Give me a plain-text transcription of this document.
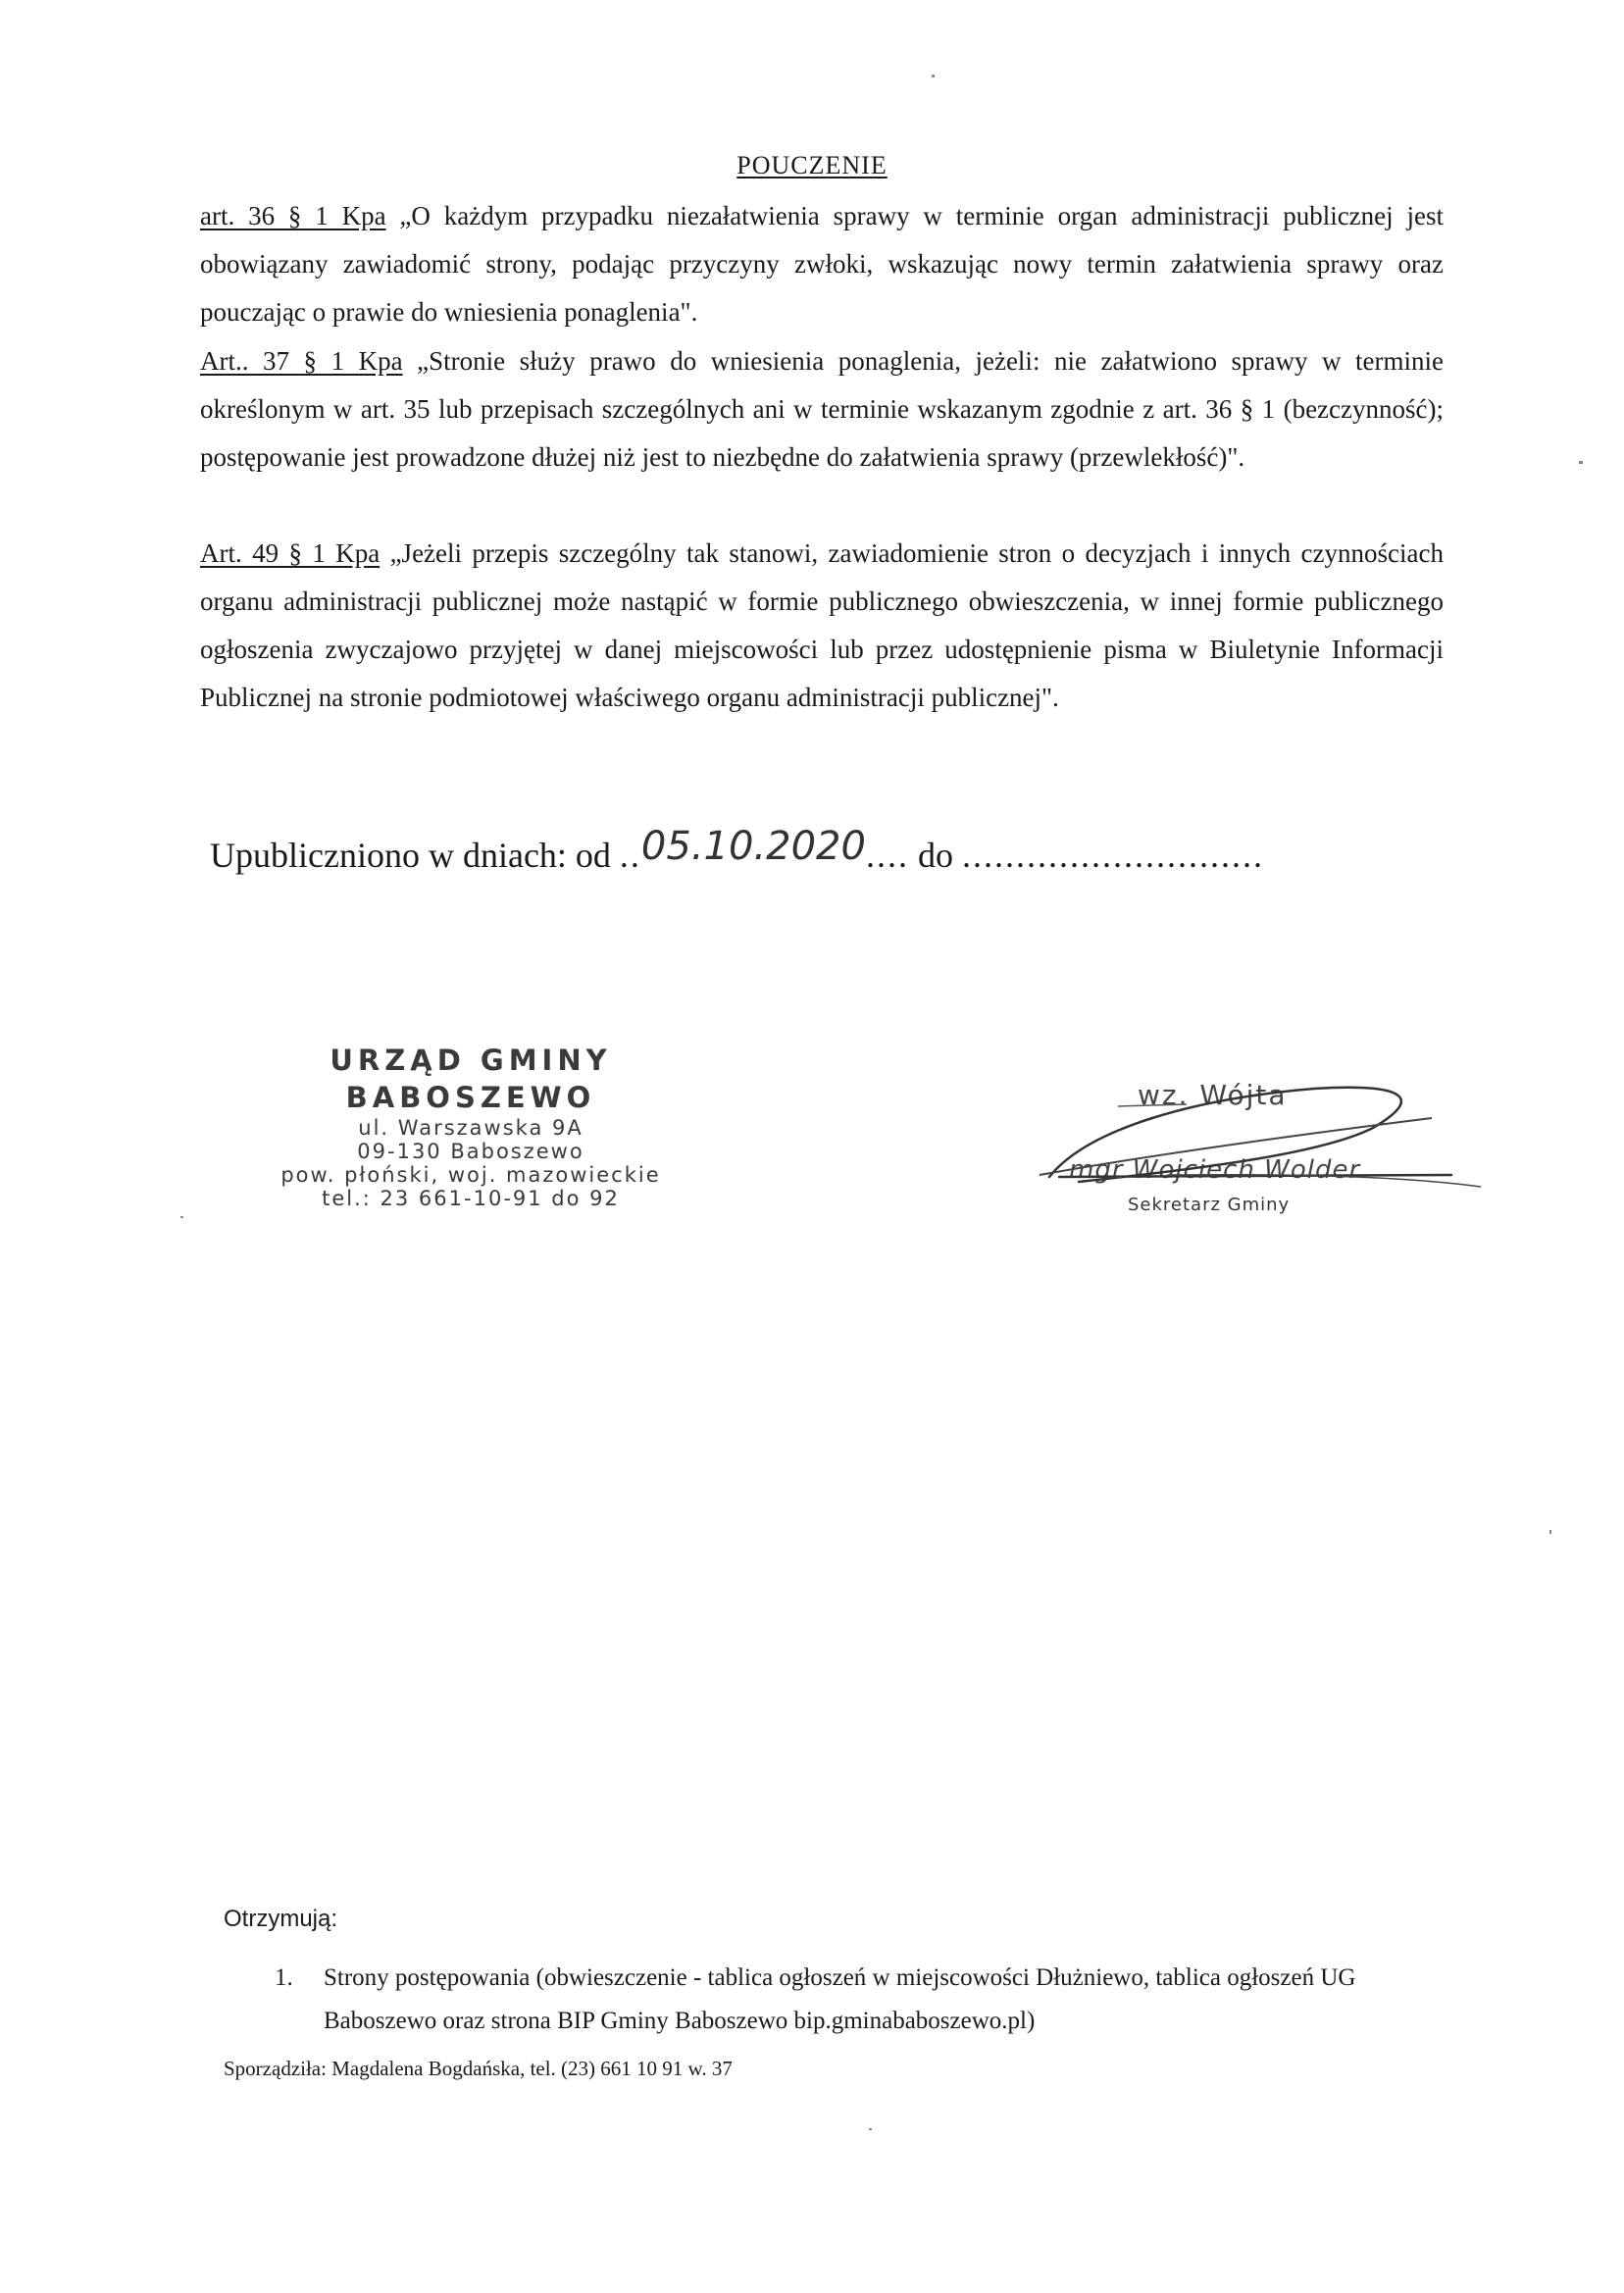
POUCZENIE
art. 36 § 1 Kpa „O każdym przypadku niezałatwienia sprawy w terminie organ administracji publicznej jest obowiązany zawiadomić strony, podając przyczyny zwłoki, wskazując nowy termin załatwienia sprawy oraz pouczając o prawie do wniesienia ponaglenia".
Art.. 37 § 1 Kpa „Stronie służy prawo do wniesienia ponaglenia, jeżeli: nie załatwiono sprawy w terminie określonym w art. 35 lub przepisach szczególnych ani w terminie wskazanym zgodnie z art. 36 § 1 (bezczynność); postępowanie jest prowadzone dłużej niż jest to niezbędne do załatwienia sprawy (przewlekłość)".
Art. 49 § 1 Kpa „Jeżeli przepis szczególny tak stanowi, zawiadomienie stron o decyzjach i innych czynnościach organu administracji publicznej może nastąpić w formie publicznego obwieszczenia, w innej formie publicznego ogłoszenia zwyczajowo przyjętej w danej miejscowości lub przez udostępnienie pisma w Biuletynie Informacji Publicznej na stronie podmiotowej właściwego organu administracji publicznej".
Upubliczniono w dniach: od ..05.10.2020.... do ............................
URZĄD GMINY
BABOSZEWO
ul. Warszawska 9A
09-130 Baboszewo
pow. płoński, woj. mazowieckie
tel.: 23 661-10-91 do 92
wz. Wójta
mgr Wojciech Wolder
Sekretarz Gminy
Otrzymują:
1. Strony postępowania (obwieszczenie - tablica ogłoszeń w miejscowości Dłużniewo, tablica ogłoszeń UG Baboszewo oraz strona BIP Gminy Baboszewo bip.gminababoszewo.pl)
Sporządziła: Magdalena Bogdańska, tel. (23) 661 10 91 w. 37
